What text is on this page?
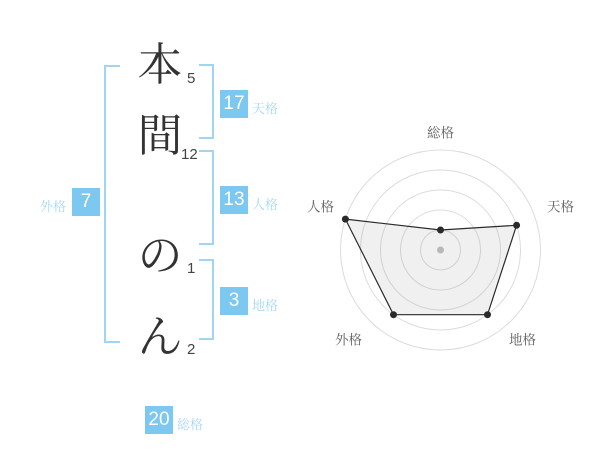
本
間
の
ん
5
12
1
2
17 天格
13 人格
3 地格
外格 7
20 総格
総格
天格
地格
外格
人格
